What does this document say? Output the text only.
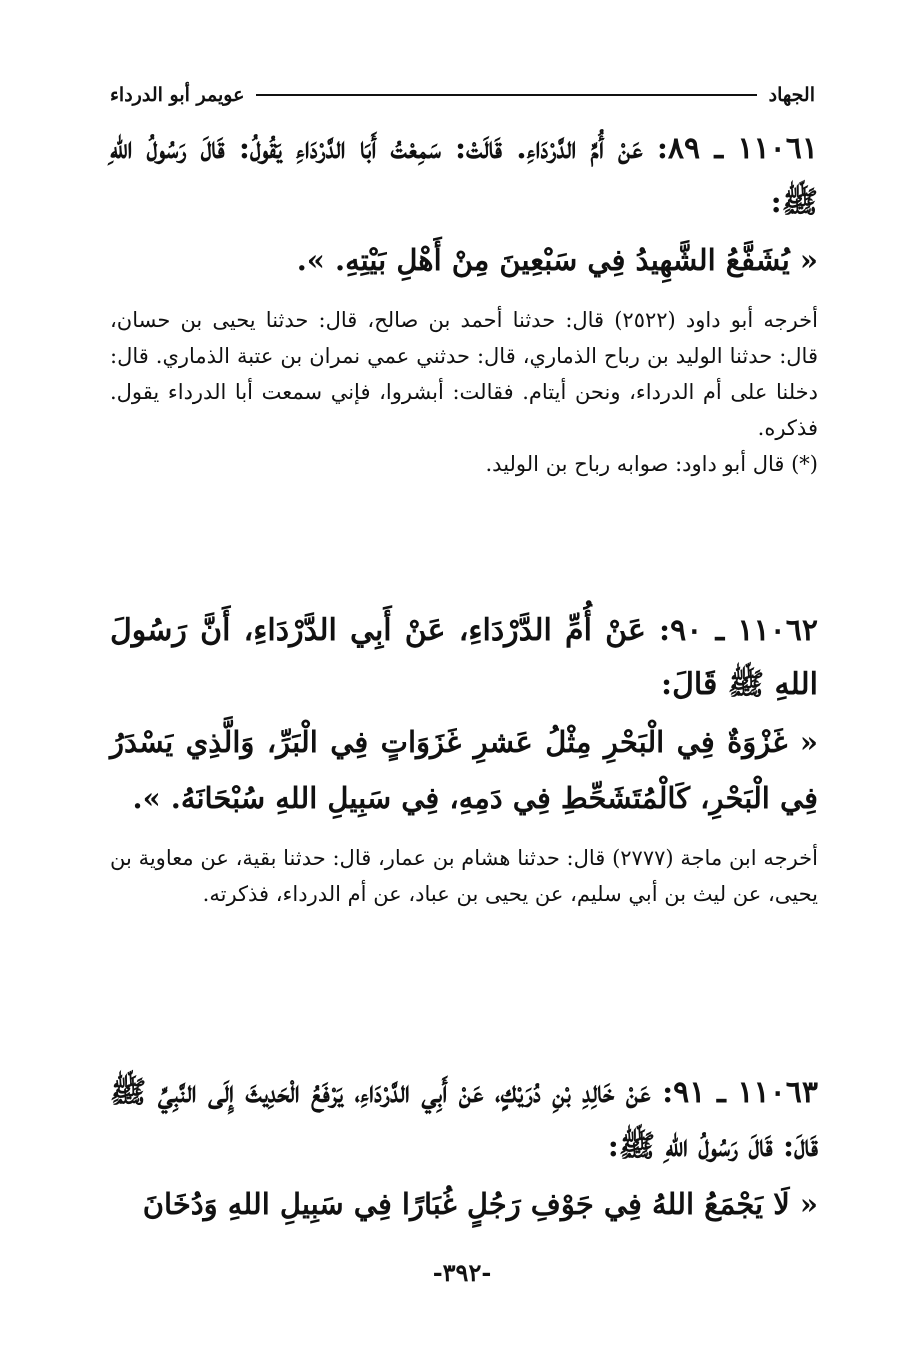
الجهاد
عويمر أبو الدرداء
١١٠٦١ ـ ٨٩: عَنْ أُمِّ الدَّرْدَاءِ. قَالَتْ: سَمِعْتُ أَبَا الدَّرْدَاءِ يَقُولُ: قَالَ رَسُولُ اللهِ ﷺ:
« يُشَفَّعُ الشَّهِيدُ فِي سَبْعِينَ مِنْ أَهْلِ بَيْتِهِ. ».
أخرجه أبو داود (٢٥٢٢) قال: حدثنا أحمد بن صالح، قال: حدثنا يحيى بن حسان، قال: حدثنا الوليد بن رباح الذماري، قال: حدثني عمي نمران بن عتبة الذماري. قال: دخلنا على أم الدرداء، ونحن أيتام. فقالت: أبشروا، فإني سمعت أبا الدرداء يقول. فذكره.
(*) قال أبو داود: صوابه رباح بن الوليد.
١١٠٦٢ ـ ٩٠: عَنْ أُمِّ الدَّرْدَاءِ، عَنْ أَبِي الدَّرْدَاءِ، أَنَّ رَسُولَ اللهِ ﷺ قَالَ:
« غَزْوَةٌ فِي الْبَحْرِ مِثْلُ عَشرِ غَزَوَاتٍ فِي الْبَرِّ، وَالَّذِي يَسْدَرُ فِي الْبَحْرِ، كَالْمُتَشَحِّطِ فِي دَمِهِ، فِي سَبِيلِ اللهِ سُبْحَانَهُ. ».
أخرجه ابن ماجة (٢٧٧٧) قال: حدثنا هشام بن عمار، قال: حدثنا بقية، عن معاوية بن يحيى، عن ليث بن أبي سليم، عن يحيى بن عباد، عن أم الدرداء، فذكرته.
١١٠٦٣ ـ ٩١: عَنْ خَالِدِ بْنِ دُرَيْكٍ، عَنْ أَبِي الدَّرْدَاءِ، يَرْفَعُ الْحَدِيثَ إِلَى النَّبِيِّ ﷺ قَالَ: قَالَ رَسُولُ اللهِ ﷺ:
« لَا يَجْمَعُ اللهُ فِي جَوْفِ رَجُلٍ غُبَارًا فِي سَبِيلِ اللهِ وَدُخَانَ
-٣٩٢-
